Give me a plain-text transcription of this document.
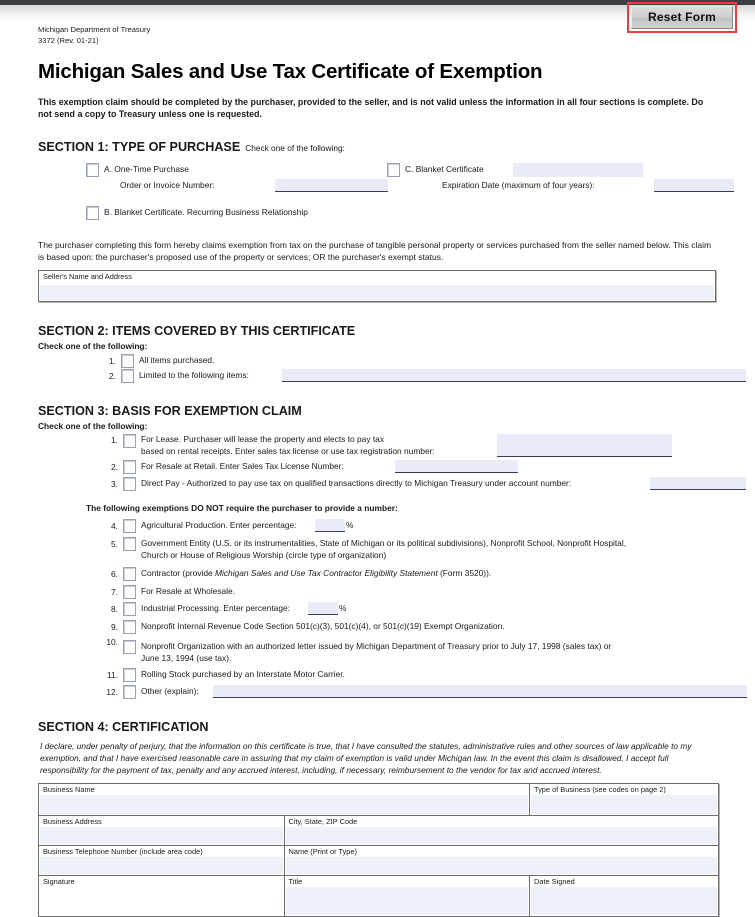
Reset Form
Michigan Department of Treasury
3372 (Rev. 01-21)
Michigan Sales and Use Tax Certificate of Exemption
This exemption claim should be completed by the purchaser, provided to the seller, and is not valid unless the information in all four sections is complete. Do not send a copy to Treasury unless one is requested.
SECTION 1: TYPE OF PURCHASE Check one of the following:
A. One-Time Purchase	C. Blanket Certificate
Order or Invoice Number:	Expiration Date (maximum of four years):
B. Blanket Certificate. Recurring Business Relationship
The purchaser completing this form hereby claims exemption from tax on the purchase of tangible personal property or services purchased from the seller named below. This claim is based upon: the purchaser's proposed use of the property or services; OR the purchaser's exempt status.
Seller's Name and Address
SECTION 2: ITEMS COVERED BY THIS CERTIFICATE
Check one of the following:
1.	All items purchased.
2.	Limited to the following items:
SECTION 3: BASIS FOR EXEMPTION CLAIM
Check one of the following:
1.	For Lease. Purchaser will lease the property and elects to pay tax
based on rental receipts. Enter sales tax license or use tax registration number:
2.	For Resale at Retail. Enter Sales Tax License Number:
3.	Direct Pay - Authorized to pay use tax on qualified transactions directly to Michigan Treasury under account number:
The following exemptions DO NOT require the purchaser to provide a number:
4.	Agricultural Production. Enter percentage:	%
5.	Government Entity (U.S. or its instrumentalities, State of Michigan or its political subdivisions), Nonprofit School, Nonprofit Hospital,
Church or House of Religious Worship (circle type of organization)
6.	Contractor (provide Michigan Sales and Use Tax Contractor Eligibility Statement (Form 3520)).
7.	For Resale at Wholesale.
8.	Industrial Processing. Enter percentage:	%
9.	Nonprofit Internal Revenue Code Section 501(c)(3), 501(c)(4), or 501(c)(19) Exempt Organization.
10.	Nonprofit Organization with an authorized letter issued by Michigan Department of Treasury prior to July 17, 1998 (sales tax) or
June 13, 1994 (use tax).
11.	Rolling Stock purchased by an Interstate Motor Carrier.
12.	Other (explain):
SECTION 4: CERTIFICATION
I declare, under penalty of perjury, that the information on this certificate is true, that I have consulted the statutes, administrative rules and other sources of law applicable to my exemption, and that I have exercised reasonable care in assuring that my claim of exemption is valid under Michigan law. In the event this claim is disallowed, I accept full responsibility for the payment of tax, penalty and any accrued interest, including, if necessary, reimbursement to the vendor for tax and accrued interest.
Business Name		Type of Business (see codes on page 2)

Business Address	City, State, ZIP Code	

Business Telephone Number (include area code)	Name (Print or Type)	

Signature	Title	Date Signed
